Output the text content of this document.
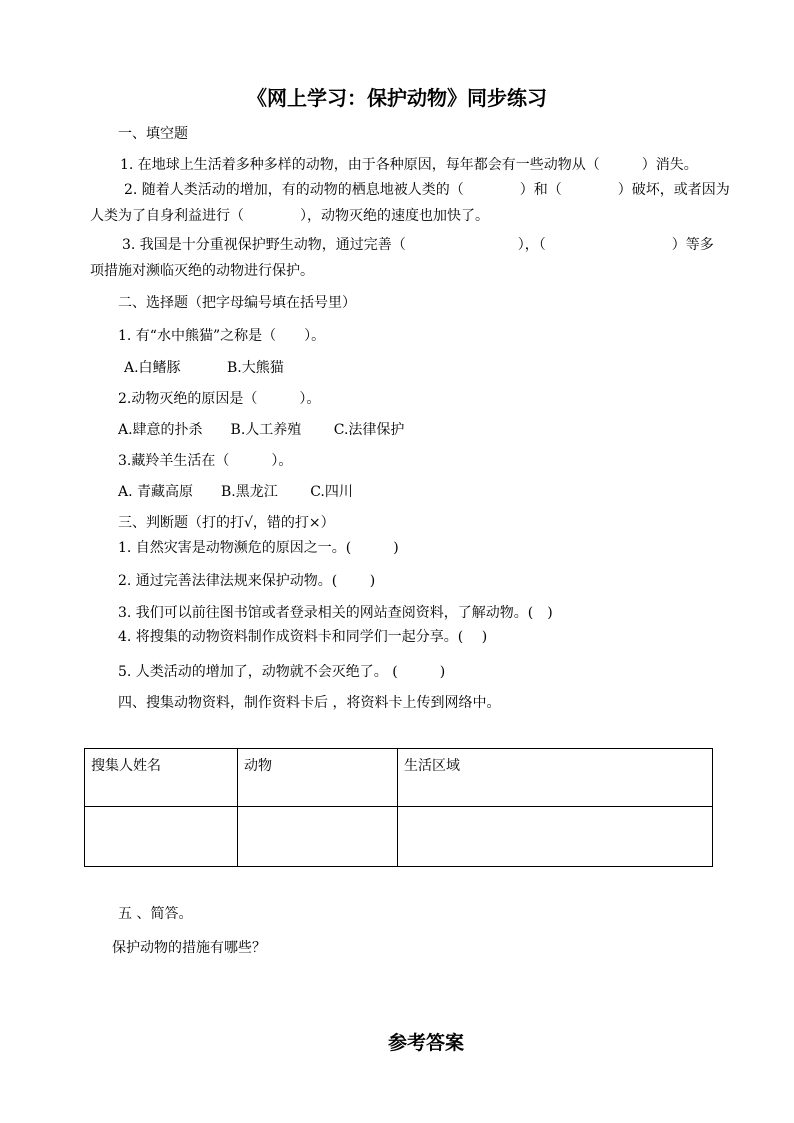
《网上学习：保护动物》同步练习
一、填空题
1. 在地球上生活着多种多样的动物，由于各种原因，每年都会有一些动物从（　　　）消失。
2. 随着人类活动的增加，有的动物的栖息地被人类的（　　　　）和（　　　　）破坏，或者因为
人类为了自身利益进行（　　　　），动物灭绝的速度也加快了。
3. 我国是十分重视保护野生动物，通过完善（　　　　　　　　），（　　　　　　　　　）等多
项措施对濒临灭绝的动物进行保护。
二、选择题（把字母编号填在括号里）
1. 有“水中熊猫”之称是（　　）。
A.白鳍豚　　　 B.大熊猫
2.动物灭绝的原因是（　　　）。
A.肆意的扑杀　　B.人工养殖　　 C.法律保护
3.藏羚羊生活在（　　　）。
A. 青藏高原　　B.黑龙江　　 C.四川
三、判断题（打的打√，错的打×）
1. 自然灾害是动物濒危的原因之一。(　　　)
2. 通过完善法律法规来保护动物。(　　 )
3. 我们可以前往图书馆或者登录相关的网站查阅资料，了解动物。(　)
4. 将搜集的动物资料制作成资料卡和同学们一起分享。(　 )
5. 人类活动的增加了，动物就不会灭绝了。 (　　　)
四、搜集动物资料，制作资料卡后 ，将资料卡上传到网络中。
搜集人姓名	动物	生活区域

五 、简答。
保护动物的措施有哪些？
参考答案
